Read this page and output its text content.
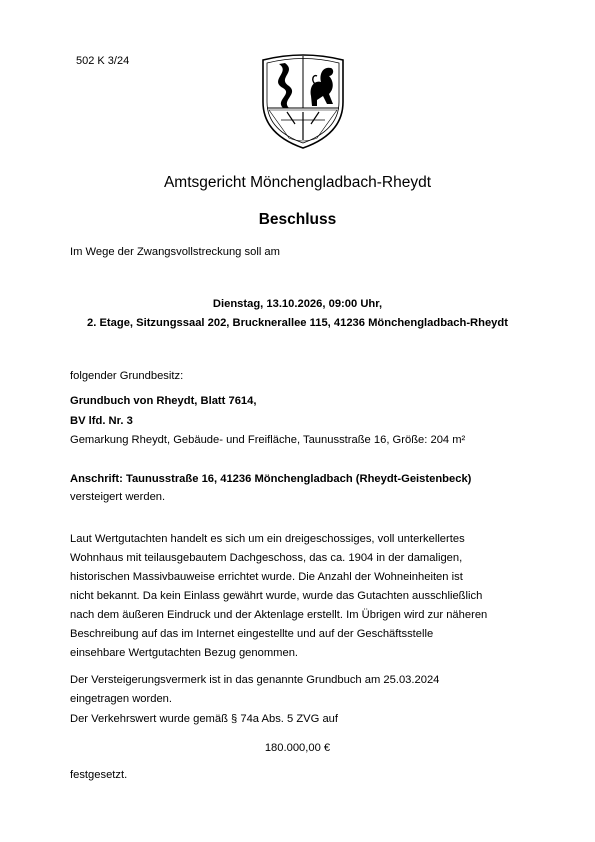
502 K 3/24
Amtsgericht Mönchengladbach-Rheydt
Beschluss
Im Wege der Zwangsvollstreckung soll am
Dienstag, 13.10.2026, 09:00 Uhr,
2. Etage, Sitzungssaal 202, Brucknerallee 115, 41236 Mönchengladbach-Rheydt
folgender Grundbesitz:
Grundbuch von Rheydt, Blatt 7614,
BV lfd. Nr. 3
Gemarkung Rheydt, Gebäude- und Freifläche, Taunusstraße 16, Größe: 204 m²
Anschrift: Taunusstraße 16, 41236 Mönchengladbach (Rheydt-Geistenbeck)
versteigert werden.
Laut Wertgutachten handelt es sich um ein dreigeschossiges, voll unterkellertes
Wohnhaus mit teilausgebautem Dachgeschoss, das ca. 1904 in der damaligen,
historischen Massivbauweise errichtet wurde. Die Anzahl der Wohneinheiten ist
nicht bekannt. Da kein Einlass gewährt wurde, wurde das Gutachten ausschließlich
nach dem äußeren Eindruck und der Aktenlage erstellt. Im Übrigen wird zur näheren
Beschreibung auf das im Internet eingestellte und auf der Geschäftsstelle
einsehbare Wertgutachten Bezug genommen.
Der Versteigerungsvermerk ist in das genannte Grundbuch am 25.03.2024
eingetragen worden.
Der Verkehrswert wurde gemäß § 74a Abs. 5 ZVG auf
180.000,00 €
festgesetzt.
